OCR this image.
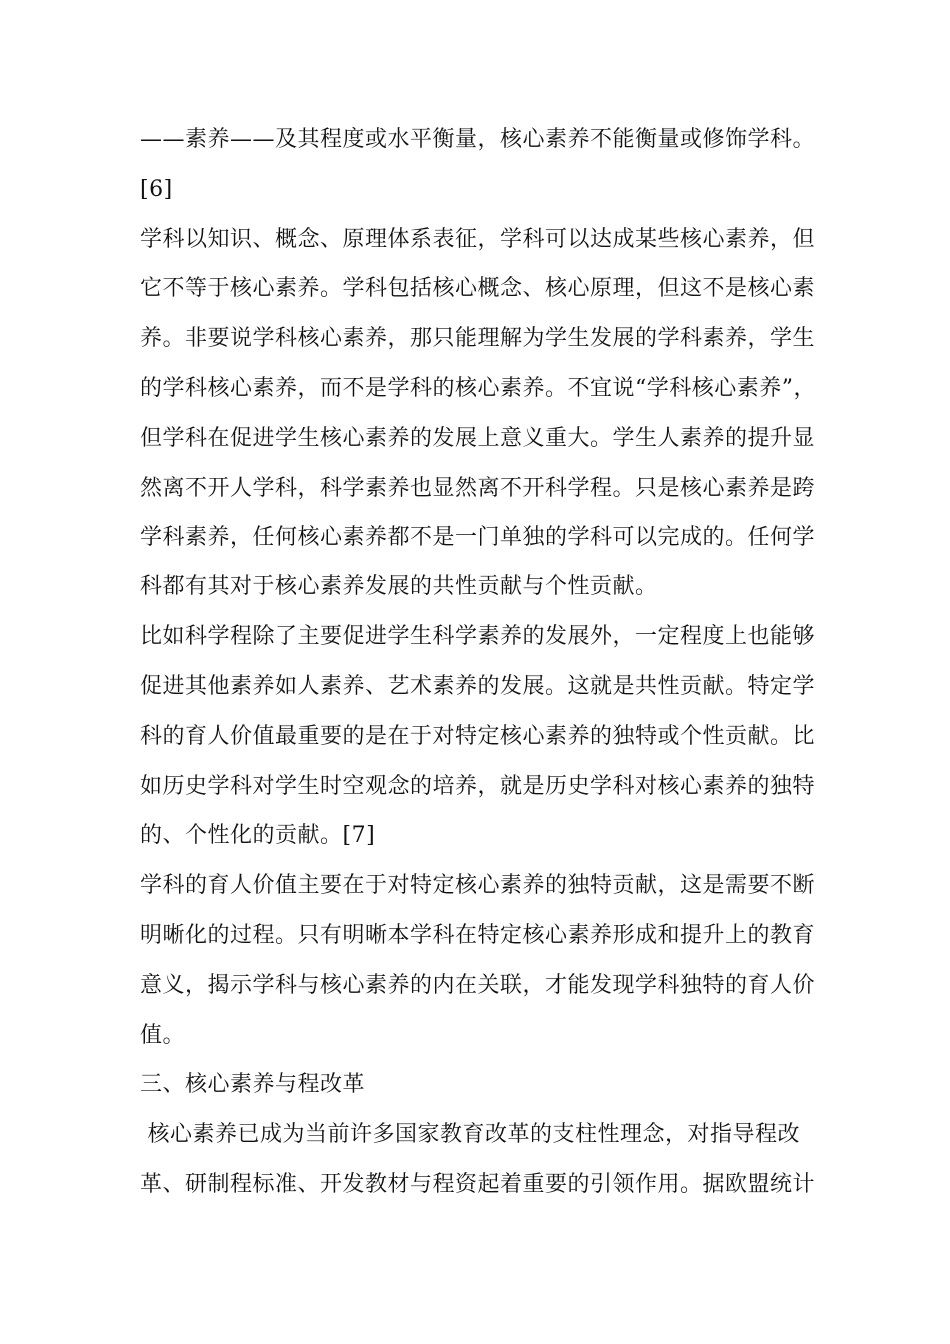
——素养——及其程度或水平衡量，核心素养不能衡量或修饰学科。
[6]
学科以知识、概念、原理体系表征，学科可以达成某些核心素养，但
它不等于核心素养。学科包括核心概念、核心原理，但这不是核心素
养。非要说学科核心素养，那只能理解为学生发展的学科素养，学生
的学科核心素养，而不是学科的核心素养。不宜说“学科核心素养”，
但学科在促进学生核心素养的发展上意义重大。学生人素养的提升显
然离不开人学科，科学素养也显然离不开科学程。只是核心素养是跨
学科素养，任何核心素养都不是一门单独的学科可以完成的。任何学
科都有其对于核心素养发展的共性贡献与个性贡献。
比如科学程除了主要促进学生科学素养的发展外，一定程度上也能够
促进其他素养如人素养、艺术素养的发展。这就是共性贡献。特定学
科的育人价值最重要的是在于对特定核心素养的独特或个性贡献。比
如历史学科对学生时空观念的培养，就是历史学科对核心素养的独特
的、个性化的贡献。[7]
学科的育人价值主要在于对特定核心素养的独特贡献，这是需要不断
明晰化的过程。只有明晰本学科在特定核心素养形成和提升上的教育
意义，揭示学科与核心素养的内在关联，才能发现学科独特的育人价
值。
三、核心素养与程改革
核心素养已成为当前许多国家教育改革的支柱性理念，对指导程改
革、研制程标准、开发教材与程资起着重要的引领作用。据欧盟统计
